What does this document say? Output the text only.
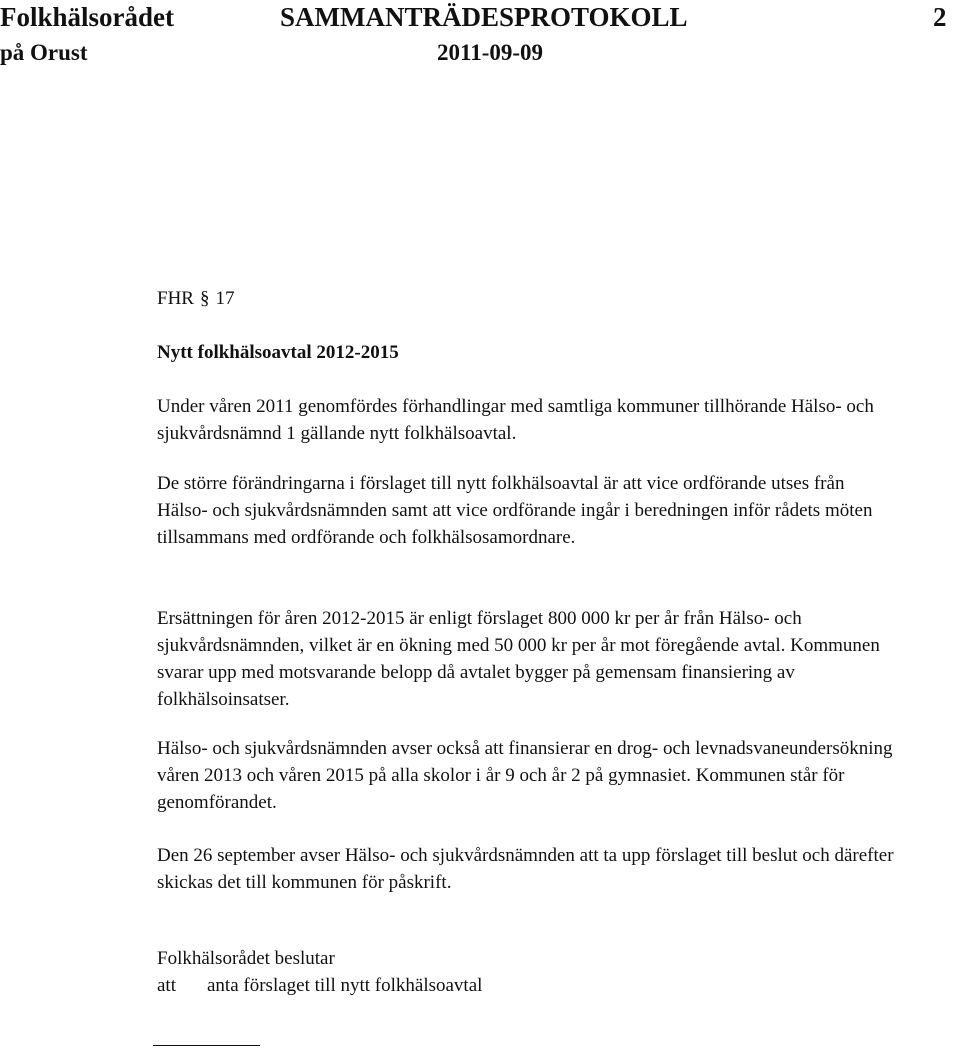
Folkhälsorådet	SAMMANTRÄDESPROTOKOLL	2
på Orust	2011-09-09
FHR § 17
Nytt folkhälsoavtal 2012-2015

Under våren 2011 genomfördes förhandlingar med samtliga kommuner tillhörande Hälso- och sjukvårdsnämnd 1 gällande nytt folkhälsoavtal.

De större förändringarna i förslaget till nytt folkhälsoavtal är att vice ordförande utses från Hälso- och sjukvårdsnämnden samt att vice ordförande ingår i beredningen inför rådets möten tillsammans med ordförande och folkhälsosamordnare.

Ersättningen för åren 2012-2015 är enligt förslaget 800 000 kr per år från Hälso- och sjukvårdsnämnden, vilket är en ökning med 50 000 kr per år mot föregående avtal. Kommunen svarar upp med motsvarande belopp då avtalet bygger på gemensam finansiering av folkhälsoinsatser.

Hälso- och sjukvårdsnämnden avser också att finansierar en drog- och levnadsvaneundersökning våren 2013 och våren 2015 på alla skolor i år 9 och år 2 på gymnasiet. Kommunen står för genomförandet.

Den 26 september avser Hälso- och sjukvårdsnämnden att ta upp förslaget till beslut och därefter skickas det till kommunen för påskrift.

Folkhälsorådet beslutar
att anta förslaget till nytt folkhälsoavtal
